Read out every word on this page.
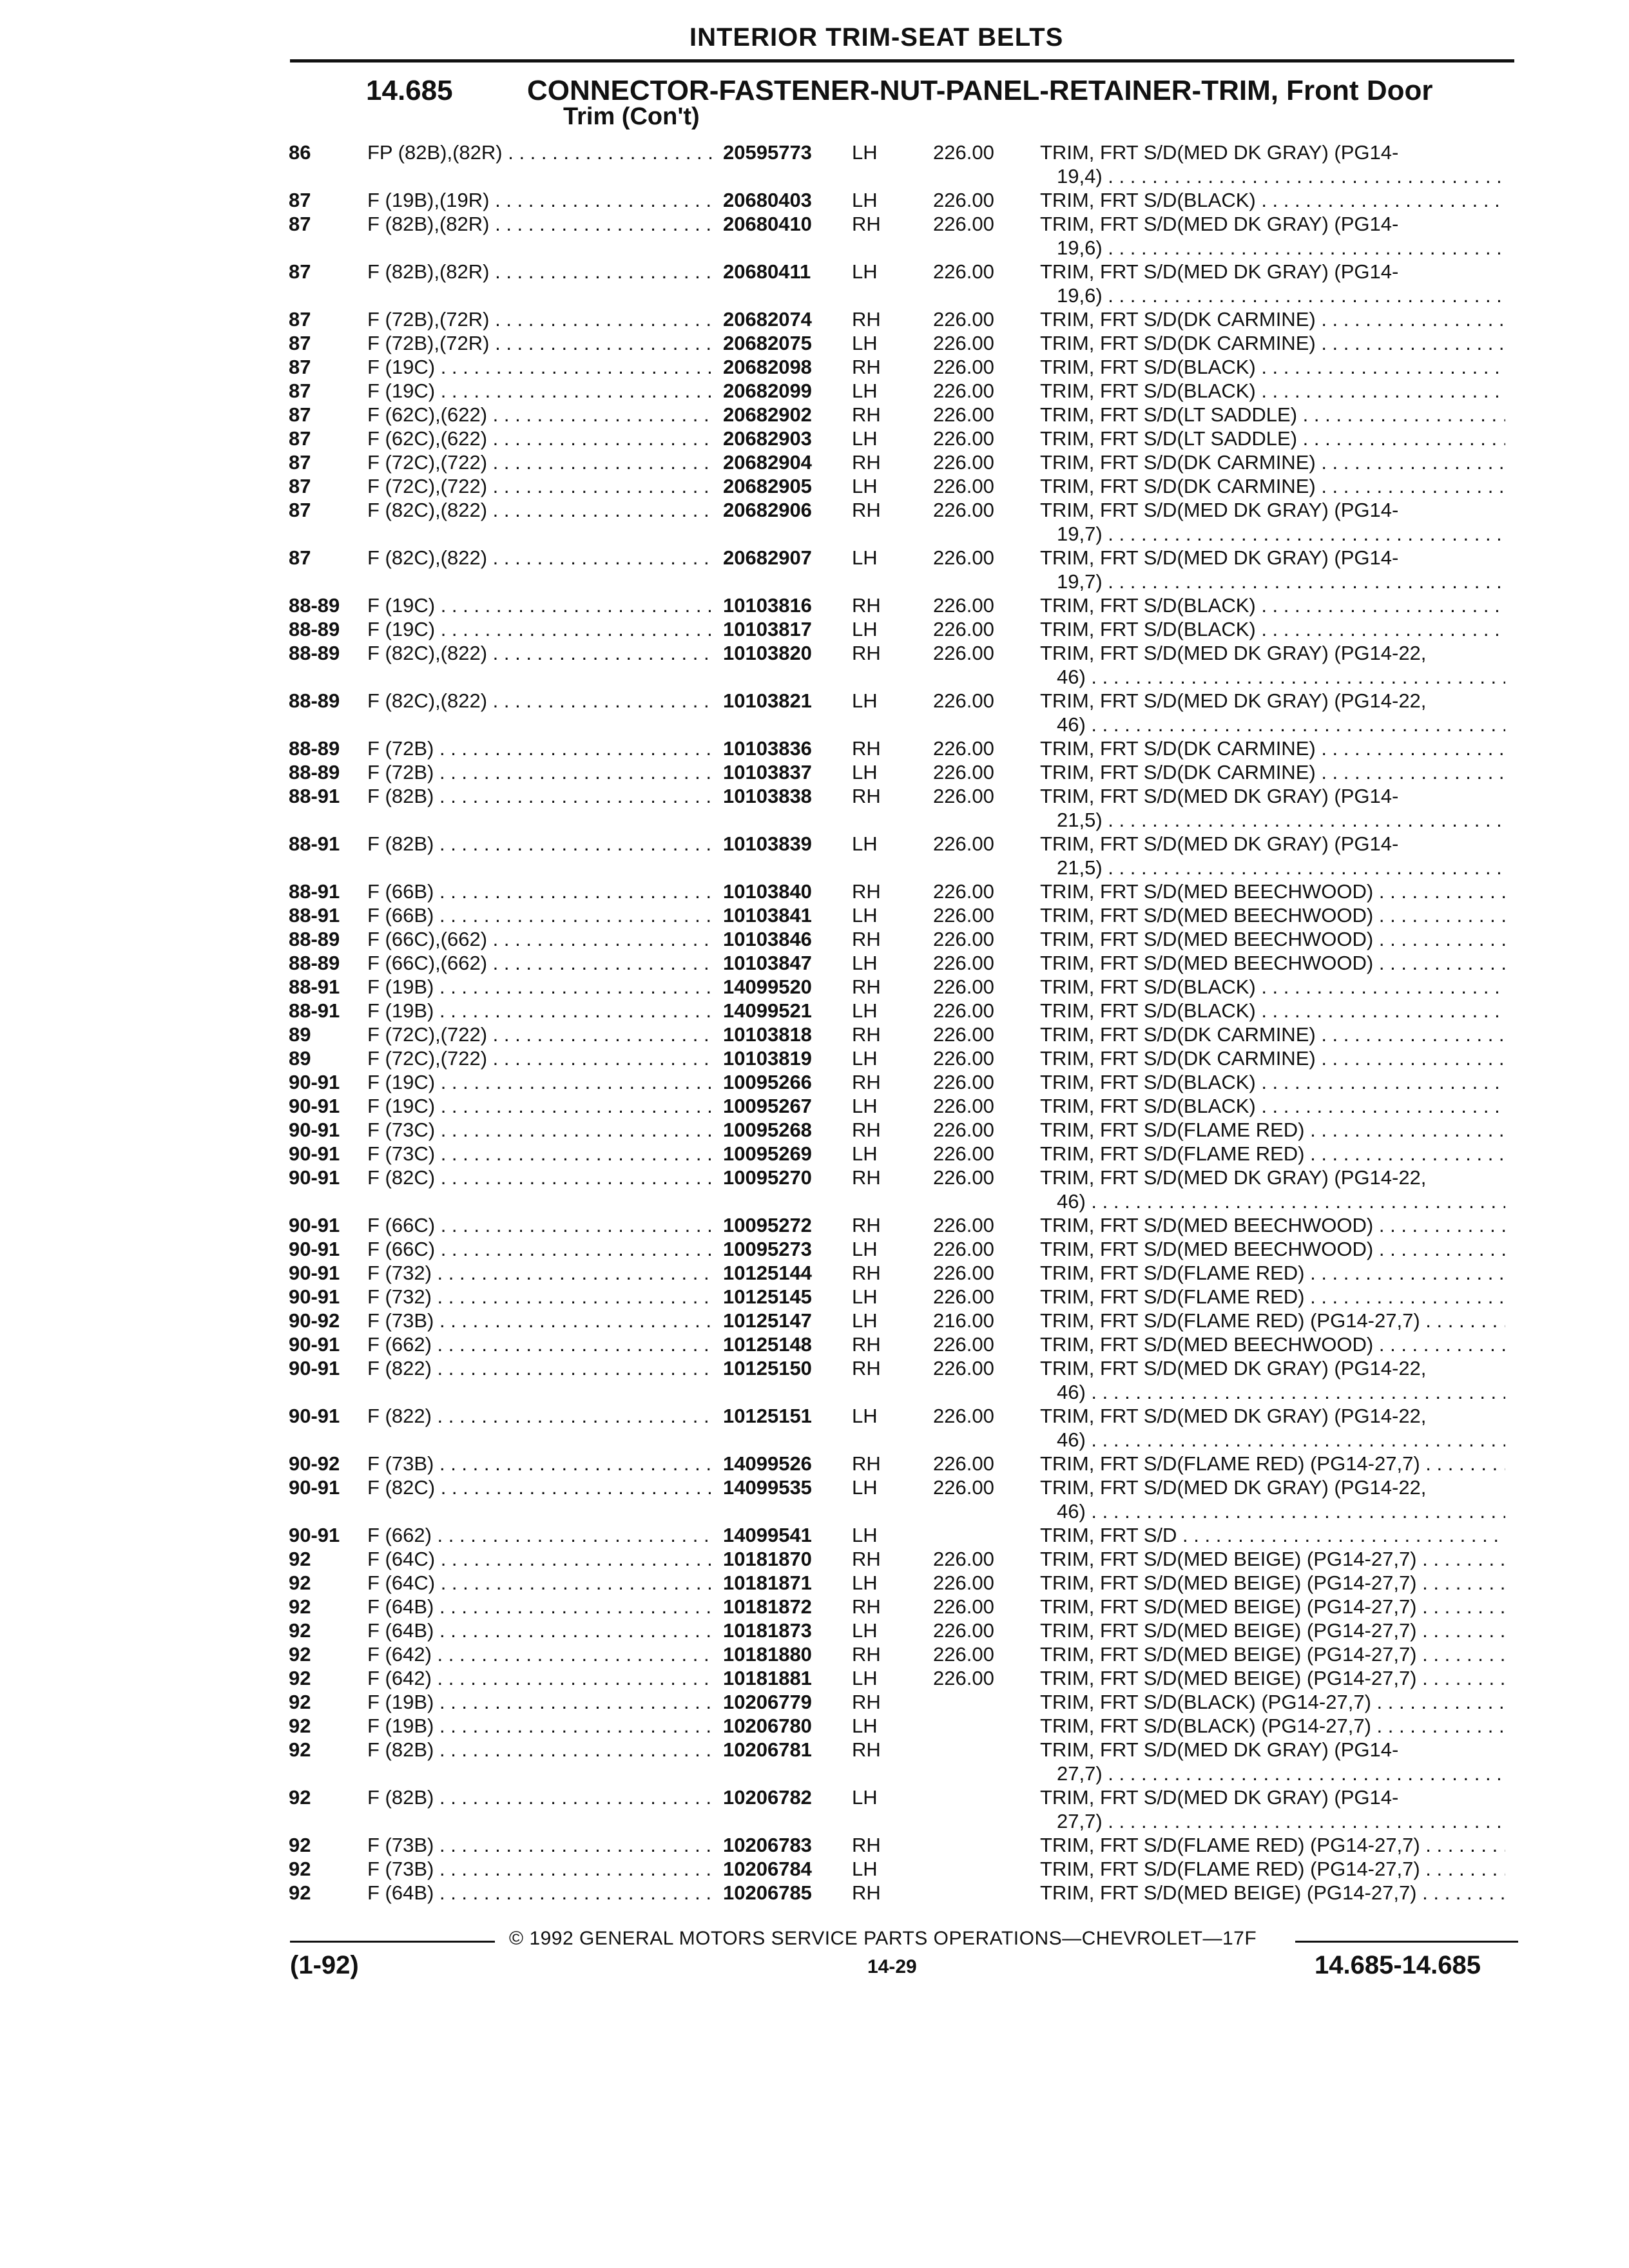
INTERIOR TRIM-SEAT BELTS
14.685	CONNECTOR-FASTENER-NUT-PANEL-RETAINER-TRIM, Front Door
Trim (Con't)
86	FP (82B),(82R) . . .	20595773 LH	226.00 TRIM, FRT S/D(MED DK GRAY) (PG14-
19,4) . . .
87	F (19B),(19R) . . .	20680403 LH	226.00 TRIM, FRT S/D(BLACK) . . .
87	F (82B),(82R) . . .	20680410 RH	226.00 TRIM, FRT S/D(MED DK GRAY) (PG14-
19,6) . . .
87	F (82B),(82R) . . .	20680411 LH	226.00 TRIM, FRT S/D(MED DK GRAY) (PG14-
19,6) . . .
87	F (72B),(72R) . . .	20682074 RH	226.00 TRIM, FRT S/D(DK CARMINE) . . .
87	F (72B),(72R) . . .	20682075 LH	226.00 TRIM, FRT S/D(DK CARMINE) . . .
87	F (19C) . . .	20682098 RH	226.00 TRIM, FRT S/D(BLACK) . . .
87	F (19C) . . .	20682099 LH	226.00 TRIM, FRT S/D(BLACK) . . .
87	F (62C),(622) . . .	20682902 RH	226.00 TRIM, FRT S/D(LT SADDLE) . . .
87	F (62C),(622) . . .	20682903 LH	226.00 TRIM, FRT S/D(LT SADDLE) . . .
87	F (72C),(722) . . .	20682904 RH	226.00 TRIM, FRT S/D(DK CARMINE) . . .
87	F (72C),(722) . . .	20682905 LH	226.00 TRIM, FRT S/D(DK CARMINE) . . .
87	F (82C),(822) . . .	20682906 RH	226.00 TRIM, FRT S/D(MED DK GRAY) (PG14-
19,7) . . .
87	F (82C),(822) . . .	20682907 LH	226.00 TRIM, FRT S/D(MED DK GRAY) (PG14-
19,7) . . .
88-89 F (19C) . . .	10103816 RH	226.00 TRIM, FRT S/D(BLACK) . . .
88-89 F (19C) . . .	10103817 LH	226.00 TRIM, FRT S/D(BLACK) . . .
88-89 F (82C),(822) . . .	10103820 RH	226.00 TRIM, FRT S/D(MED DK GRAY) (PG14-22,
46) . . .
88-89 F (82C),(822) . . .	10103821 LH	226.00 TRIM, FRT S/D(MED DK GRAY) (PG14-22,
46) . . .
88-89 F (72B) . . .	10103836 RH	226.00 TRIM, FRT S/D(DK CARMINE) . . .
88-89 F (72B) . . .	10103837 LH	226.00 TRIM, FRT S/D(DK CARMINE) . . .
88-91 F (82B) . . .	10103838 RH	226.00 TRIM, FRT S/D(MED DK GRAY) (PG14-
21,5) . . .
88-91 F (82B) . . .	10103839 LH	226.00 TRIM, FRT S/D(MED DK GRAY) (PG14-
21,5) . . .
88-91 F (66B) . . .	10103840 RH	226.00 TRIM, FRT S/D(MED BEECHWOOD) . . .
88-91 F (66B) . . .	10103841 LH	226.00 TRIM, FRT S/D(MED BEECHWOOD) . . .
88-89 F (66C),(662) . . .	10103846 RH	226.00 TRIM, FRT S/D(MED BEECHWOOD) . . .
88-89 F (66C),(662) . . .	10103847 LH	226.00 TRIM, FRT S/D(MED BEECHWOOD) . . .
88-91 F (19B) . . .	14099520 RH	226.00 TRIM, FRT S/D(BLACK) . . .
88-91 F (19B) . . .	14099521 LH	226.00 TRIM, FRT S/D(BLACK) . . .
89	F (72C),(722) . . .	10103818 RH	226.00 TRIM, FRT S/D(DK CARMINE) . . .
89	F (72C),(722) . . .	10103819 LH	226.00 TRIM, FRT S/D(DK CARMINE) . . .
90-91 F (19C) . . .	10095266 RH	226.00 TRIM, FRT S/D(BLACK) . . .
90-91 F (19C) . . .	10095267 LH	226.00 TRIM, FRT S/D(BLACK) . . .
90-91 F (73C) . . .	10095268 RH	226.00 TRIM, FRT S/D(FLAME RED) . . .
90-91 F (73C) . . .	10095269 LH	226.00 TRIM, FRT S/D(FLAME RED) . . .
90-91 F (82C) . . .	10095270 RH	226.00 TRIM, FRT S/D(MED DK GRAY) (PG14-22,
46) . . .
90-91 F (66C) . . .	10095272 RH	226.00 TRIM, FRT S/D(MED BEECHWOOD) . . .
90-91 F (66C) . . .	10095273 LH	226.00 TRIM, FRT S/D(MED BEECHWOOD) . . .
90-91 F (732) . . .	10125144 RH	226.00 TRIM, FRT S/D(FLAME RED) . . .
90-91 F (732) . . .	10125145 LH	226.00 TRIM, FRT S/D(FLAME RED) . . .
90-92 F (73B) . . .	10125147 LH	216.00 TRIM, FRT S/D(FLAME RED) (PG14-27,7) . . .
90-91 F (662) . . .	10125148 RH	226.00 TRIM, FRT S/D(MED BEECHWOOD) . . .
90-91 F (822) . . .	10125150 RH	226.00 TRIM, FRT S/D(MED DK GRAY) (PG14-22,
46) . . .
90-91 F (822) . . .	10125151 LH	226.00 TRIM, FRT S/D(MED DK GRAY) (PG14-22,
46) . . .
90-92 F (73B) . . .	14099526 RH	226.00 TRIM, FRT S/D(FLAME RED) (PG14-27,7) . . .
90-91 F (82C) . . .	14099535 LH	226.00 TRIM, FRT S/D(MED DK GRAY) (PG14-22,
46) . . .
90-91 F (662) . . .	14099541 LH	TRIM, FRT S/D . . .
92	F (64C) . . .	10181870 RH	226.00 TRIM, FRT S/D(MED BEIGE) (PG14-27,7) . . .
92	F (64C) . . .	10181871 LH	226.00 TRIM, FRT S/D(MED BEIGE) (PG14-27,7) . . .
92	F (64B) . . .	10181872 RH	226.00 TRIM, FRT S/D(MED BEIGE) (PG14-27,7) . . .
92	F (64B) . . .	10181873 LH	226.00 TRIM, FRT S/D(MED BEIGE) (PG14-27,7) . . .
92	F (642) . . .	10181880 RH	226.00 TRIM, FRT S/D(MED BEIGE) (PG14-27,7) . . .
92	F (642) . . .	10181881 LH	226.00 TRIM, FRT S/D(MED BEIGE) (PG14-27,7) . . .
92	F (19B) . . .	10206779 RH	TRIM, FRT S/D(BLACK) (PG14-27,7) . . .
92	F (19B) . . .	10206780 LH	TRIM, FRT S/D(BLACK) (PG14-27,7) . . .
92	F (82B) . . .	10206781 RH	TRIM, FRT S/D(MED DK GRAY) (PG14-
27,7) . . .
92	F (82B) . . .	10206782 LH	TRIM, FRT S/D(MED DK GRAY) (PG14-
27,7) . . .
92	F (73B) . . .	10206783 RH	TRIM, FRT S/D(FLAME RED) (PG14-27,7) . . .
92	F (73B) . . .	10206784 LH	TRIM, FRT S/D(FLAME RED) (PG14-27,7) . . .
92	F (64B) . . .	10206785 RH	TRIM, FRT S/D(MED BEIGE) (PG14-27,7) . . .
© 1992 GENERAL MOTORS SERVICE PARTS OPERATIONS—CHEVROLET—17F
(1-92)	14-29	14.685-14.685
